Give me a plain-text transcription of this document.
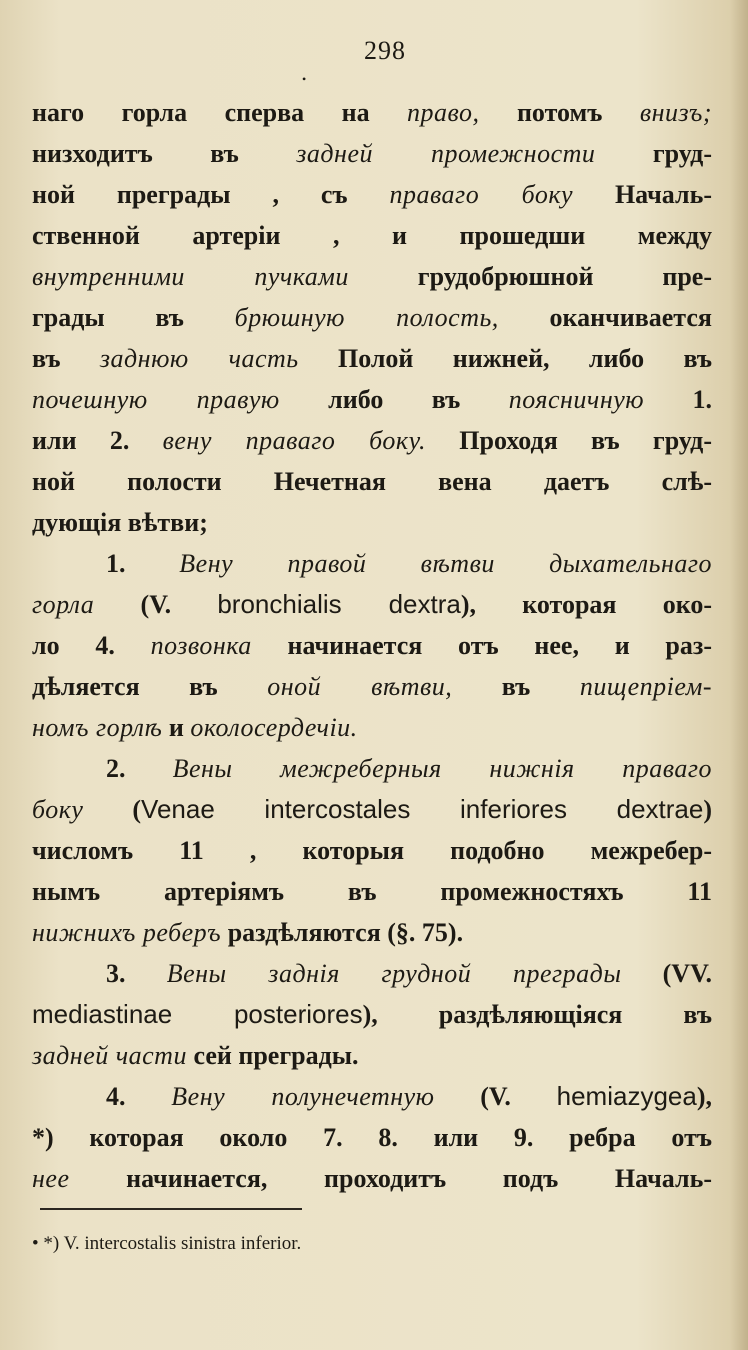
298
•
наго горла сперва на право, потомъ внизъ;
низходитъ въ задней промежности груд-
ной преграды , съ праваго боку Началь-
ственной артеріи , и прошедши между
внутренними пучками грудобрюшной пре-
грады въ брюшную полость, оканчивается
въ заднюю часть Полой нижней, либо въ
почешную правую либо въ поясничную 1.
или 2. вену праваго боку. Проходя въ груд-
ной полости Нечетная вена даетъ слѣ-
дующія вѣтви;
1. Вену правой вѣтви дыхательнаго
горла (V. bronchialis dextra), которая око-
ло 4. позвонка начинается отъ нее, и раз-
дѣляется въ оной вѣтви, въ пищепріем-
номъ горлѣ и околосердечіи.
2. Вены межреберныя нижнія праваго
боку (Venae intercostales inferiores dextrae)
числомъ 11 , которыя подобно межребер-
нымъ артеріямъ въ промежностяхъ 11
нижнихъ реберъ раздѣляются (§. 75).
3. Вены заднія грудной преграды (VV.
mediastinae posteriores), раздѣляющіяся въ
задней части сей преграды.
4. Вену полунечетную (V. hemiazygea),
*) которая около 7. 8. или 9. ребра отъ
нее начинается, проходитъ подъ Началь-
• *) V. intercostalis sinistra inferior.
